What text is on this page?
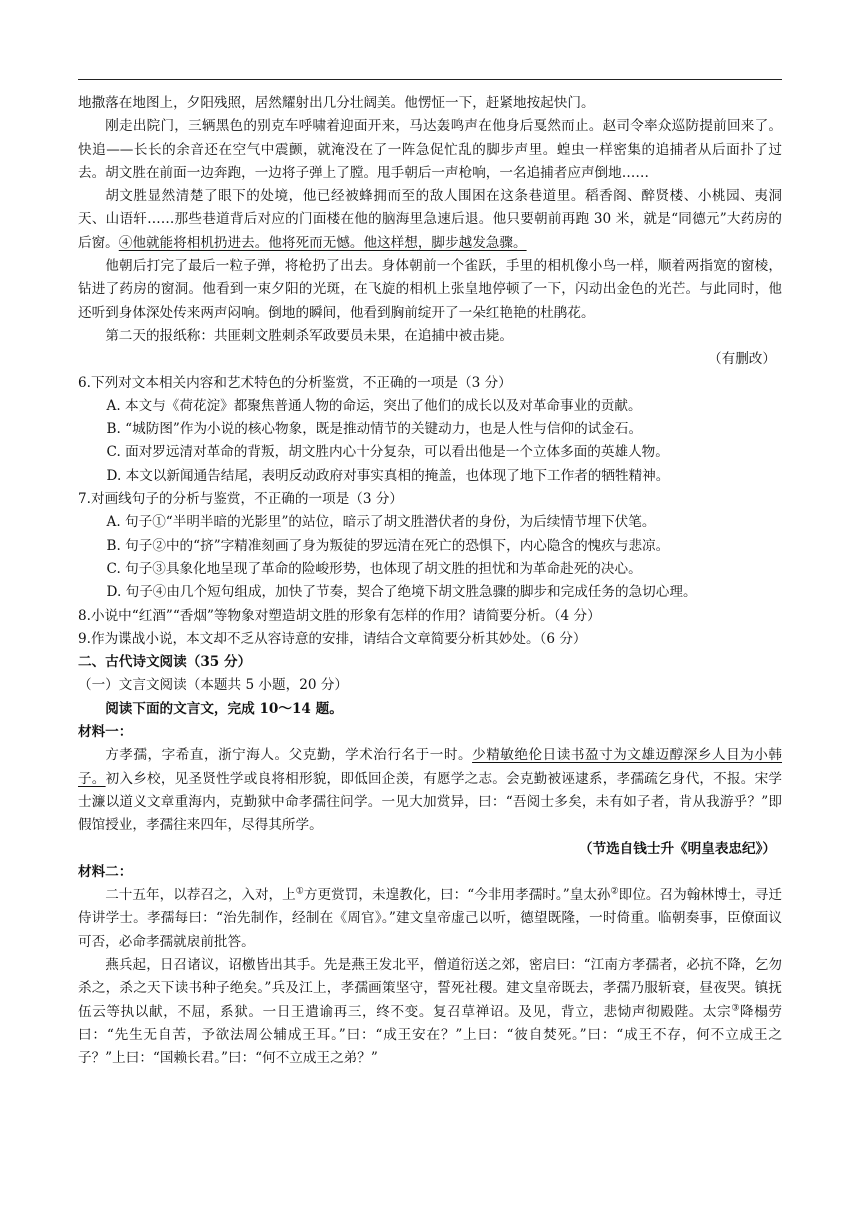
地撒落在地图上，夕阳残照，居然耀射出几分壮阔美。他愣怔一下，赶紧地按起快门。

刚走出院门，三辆黑色的别克车呼啸着迎面开来，马达轰鸣声在他身后戛然而止。赵司令率众巡防提前回来了。快追——长长的余音还在空气中震颤，就淹没在了一阵急促忙乱的脚步声里。蝗虫一样密集的追捕者从后面扑了过去。胡文胜在前面一边奔跑，一边将子弹上了膛。甩手朝后一声枪响，一名追捕者应声倒地……

胡文胜显然清楚了眼下的处境，他已经被蜂拥而至的敌人围困在这条巷道里。稻香阁、醉贤楼、小桃园、夷洞天、山语轩……那些巷道背后对应的门面楼在他的脑海里急速后退。他只要朝前再跑 30 米，就是“同德元”大药房的后窗。④他就能将相机扔进去。他将死而无憾。他这样想，脚步越发急骤。

他朝后打完了最后一粒子弹，将枪扔了出去。身体朝前一个雀跃，手里的相机像小鸟一样，顺着两指宽的窗棱，钻进了药房的窗洞。他看到一束夕阳的光斑，在飞旋的相机上张皇地停顿了一下，闪动出金色的光芒。与此同时，他还听到身体深处传来两声闷响。倒地的瞬间，他看到胸前绽开了一朵红艳艳的杜鹃花。

第二天的报纸称：共匪刺文胜刺杀军政要员未果，在追捕中被击毙。

（有删改）

6.下列对文本相关内容和艺术特色的分析鉴赏，不正确的一项是（3 分）

A. 本文与《荷花淀》都聚焦普通人物的命运，突出了他们的成长以及对革命事业的贡献。

B. “城防图”作为小说的核心物象，既是推动情节的关键动力，也是人性与信仰的试金石。

C. 面对罗远清对革命的背叛，胡文胜内心十分复杂，可以看出他是一个立体多面的英雄人物。

D. 本文以新闻通告结尾，表明反动政府对事实真相的掩盖，也体现了地下工作者的牺牲精神。

7.对画线句子的分析与鉴赏，不正确的一项是（3 分）

A. 句子①“半明半暗的光影里”的站位，暗示了胡文胜潜伏者的身份，为后续情节埋下伏笔。

B. 句子②中的“挤”字精准刻画了身为叛徒的罗远清在死亡的恐惧下，内心隐含的愧疚与悲凉。

C. 句子③具象化地呈现了革命的险峻形势，也体现了胡文胜的担忧和为革命赴死的决心。

D. 句子④由几个短句组成，加快了节奏，契合了绝境下胡文胜急骤的脚步和完成任务的急切心理。

8.小说中“红酒”“香烟”等物象对塑造胡文胜的形象有怎样的作用？请简要分析。（4 分）

9.作为谍战小说，本文却不乏从容诗意的安排，请结合文章简要分析其妙处。（6 分）

二、古代诗文阅读（35 分）

（一）文言文阅读（本题共 5 小题，20 分）

阅读下面的文言文，完成 10～14 题。

材料一：

方孝孺，字希直，浙宁海人。父克勤，学术治行名于一时。少精敏绝伦日读书盈寸为文雄迈醇深乡人目为小韩子。初入乡校，见圣贤性学或良将相形貌，即低回企羡，有愿学之志。会克勤被诬逮系，孝孺疏乞身代，不报。宋学士濂以道义文章重海内，克勤狱中命孝孺往问学。一见大加赏异，曰：“吾阅士多矣，未有如子者，肯从我游乎？”即假馆授业，孝孺往来四年，尽得其所学。

（节选自钱士升《明皇表忠纪》）

材料二：

二十五年，以荐召之，入对，上①方更赏罚，未遑教化，曰：“今非用孝孺时。”皇太孙②即位。召为翰林博士，寻迁侍讲学士。孝孺每曰：“治先制作，经制在《周官》。”建文皇帝虚己以听，德望既隆，一时倚重。临朝奏事，臣僚面议可否，必命孝孺就扆前批答。

燕兵起，日召诸议，诏檄皆出其手。先是燕王发北平，僧道衍送之郊，密启曰：“江南方孝孺者，必抗不降，乞勿杀之，杀之天下读书种子绝矣。”兵及江上，孝孺画策坚守，誓死社稷。建文皇帝既去，孝孺乃服斩衰，昼夜哭。镇抚伍云等执以献，不屈，系狱。一日王遣谕再三，终不变。复召草禅诏。及见，背立，悲恸声彻殿陛。太宗③降榻劳曰：“先生无自苦，予欲法周公辅成王耳。”曰：“成王安在？”上曰：“彼自焚死。”曰：“成王不存，何不立成王之子？”上曰：“国赖长君。”曰：“何不立成王之弟？”
